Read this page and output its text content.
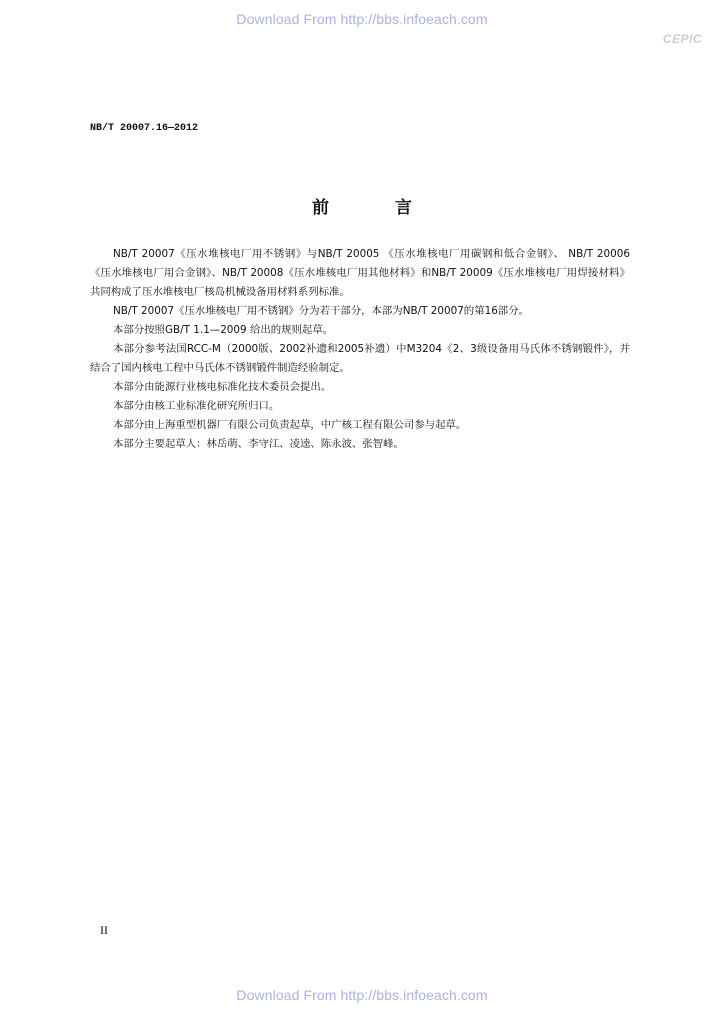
Download From http://bbs.infoeach.com
CEPIC
NB/T 20007.16—2012
前 言

NB/T 20007《压水堆核电厂用不锈钢》与NB/T 20005 《压水堆核电厂用碳钢和低合金钢》、 NB/T 20006《压水堆核电厂用合金钢》、NB/T 20008《压水堆核电厂用其他材料》和NB/T 20009《压水堆核电厂用焊接材料》共同构成了压水堆核电厂核岛机械设备用材料系列标准。

NB/T 20007《压水堆核电厂用不锈钢》分为若干部分，本部为NB/T 20007的第16部分。

本部分按照GB/T 1.1—2009 给出的规则起草。

本部分参考法国RCC-M（2000版、2002补遗和2005补遗）中M3204《2、3级设备用马氏体不锈钢锻件》，并结合了国内核电工程中马氏体不锈钢锻件制造经验制定。

本部分由能源行业核电标准化技术委员会提出。

本部分由核工业标准化研究所归口。

本部分由上海重型机器厂有限公司负责起草，中广核工程有限公司参与起草。

本部分主要起草人：林岳萌、李守江、凌逵、陈永波、张智峰。

II
Download From http://bbs.infoeach.com
